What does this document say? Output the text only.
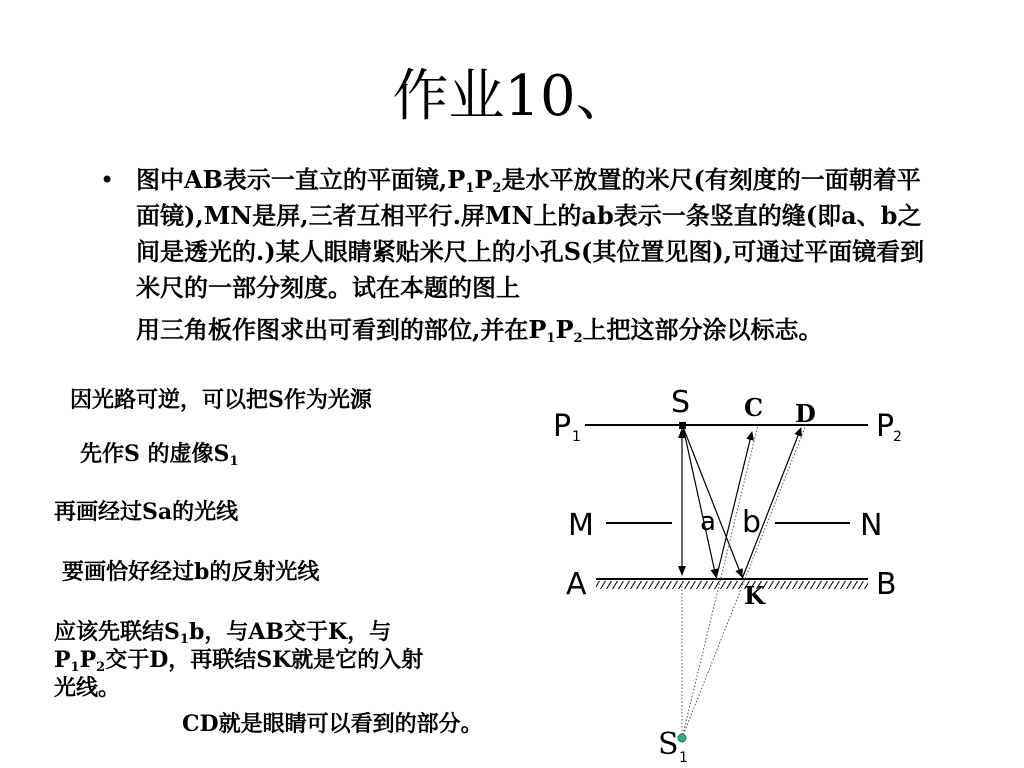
作业10、
• 图中AB表示一直立的平面镜$,P_1P_2$是水平放置的米尺(有刻度的一面朝着平面镜),MN是屏,三者互相平行.屏MN上的ab表示一条竖直的缝(即a、b之间是透光的.)某人眼睛紧贴米尺上的小孔S(其位置见图),可通过平面镜看到米尺的一部分刻度。试在本题的图上
用三角板作图求出可看到的部位,并在$P_1P_2$上把这部分涂以标志。
因光路可逆，可以把S作为光源
先作S 的虚像$S_1$
再画经过Sa的光线
要画恰好经过b的反射光线
应该先联结$S_1b$，与AB交于K，与
$P_1P_2$交于D，再联结SK就是它的入射
光线。
CD就是眼睛可以看到的部分。
P 1	P
2
S C D
M	N
a b
A	B
K
S 1
